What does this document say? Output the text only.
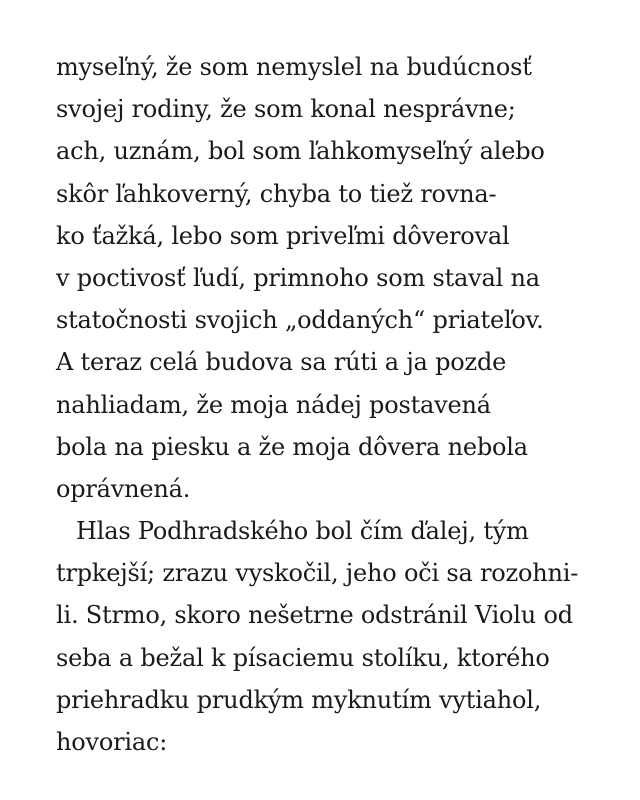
myseľný, že som nemyslel na budúcnosť
svojej rodiny, že som konal nesprávne;
ach, uznám, bol som ľahkomyseľný alebo
skôr ľahkoverný, chyba to tiež rovna-
ko ťažká, lebo som priveľmi dôveroval
v poctivosť ľudí, primnoho som staval na
statočnosti svojich „oddaných“ priateľov.
A teraz celá budova sa rúti a ja pozde
nahliadam, že moja nádej postavená
bola na piesku a že moja dôvera nebola
oprávnená.
Hlas Podhradského bol čím ďalej, tým
trpkejší; zrazu vyskočil, jeho oči sa rozohni-
li. Strmo, skoro nešetrne odstránil Violu od
seba a bežal k písaciemu stolíku, ktorého
priehradku prudkým myknutím vytiahol,
hovoriac:
